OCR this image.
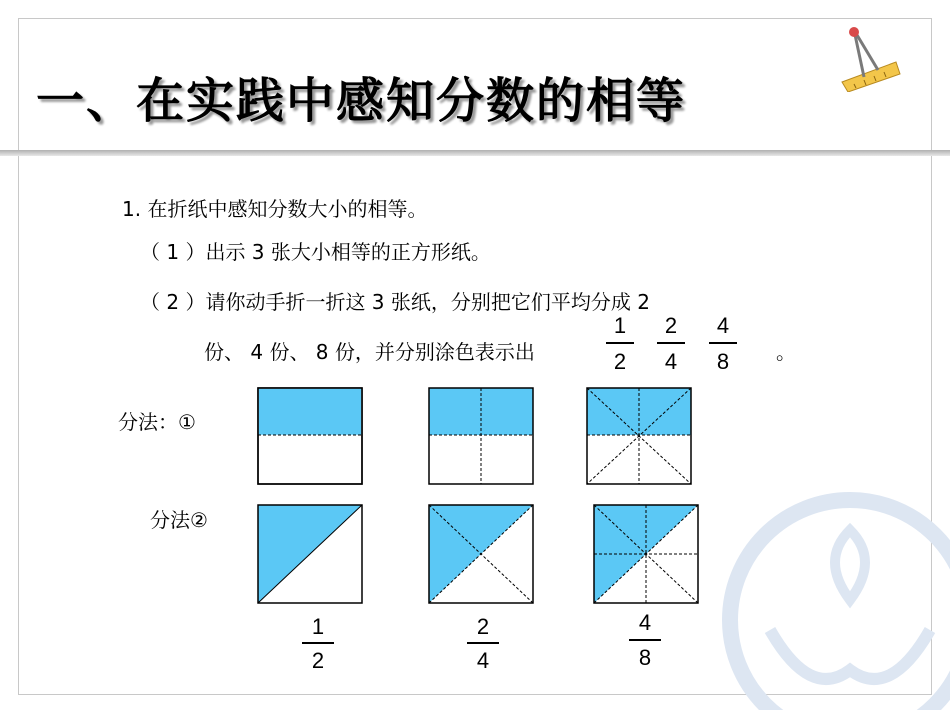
一、在实践中感知分数的相等
1. 在折纸中感知分数大小的相等。
（ 1 ）出示 3 张大小相等的正方形纸。
（ 2 ）请你动手折一折这 3 张纸，分别把它们平均分成 2
份、 4 份、 8 份，并分别涂色表示出	。
1
2
2
4
4
8
分法：①
分法②
1
2
2
4
4
8
